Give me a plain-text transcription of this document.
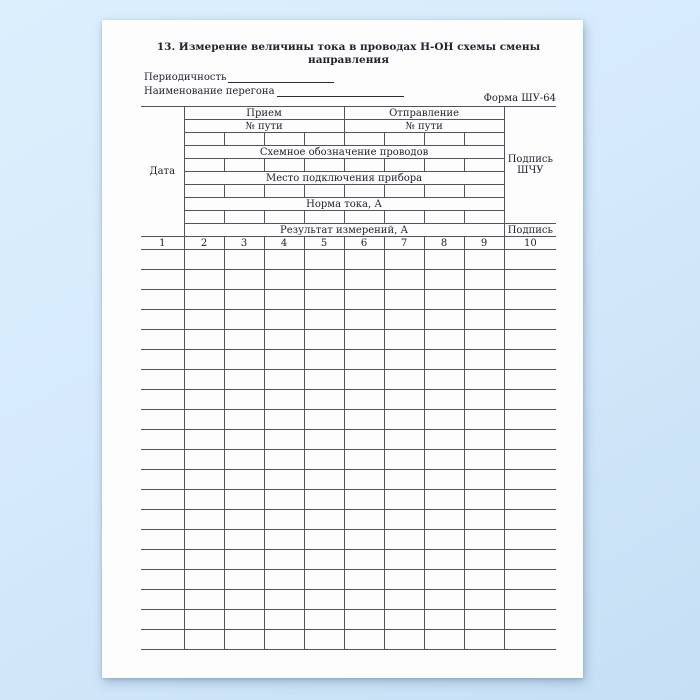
13. Измерение величины тока в проводах Н-ОН схемы смены направления

Периодичность
Наименование перегона

Форма ШУ-64

Дата	Прием				Отправление				Подпись ШЧУ
	№ пути				№ пути				

	Схемное обозначение проводов								

	Место подключения прибора								

	Норма тока, А								

	Результат измерений, А								Подпись
1	2	3	4	5	6	7	8	9	10
